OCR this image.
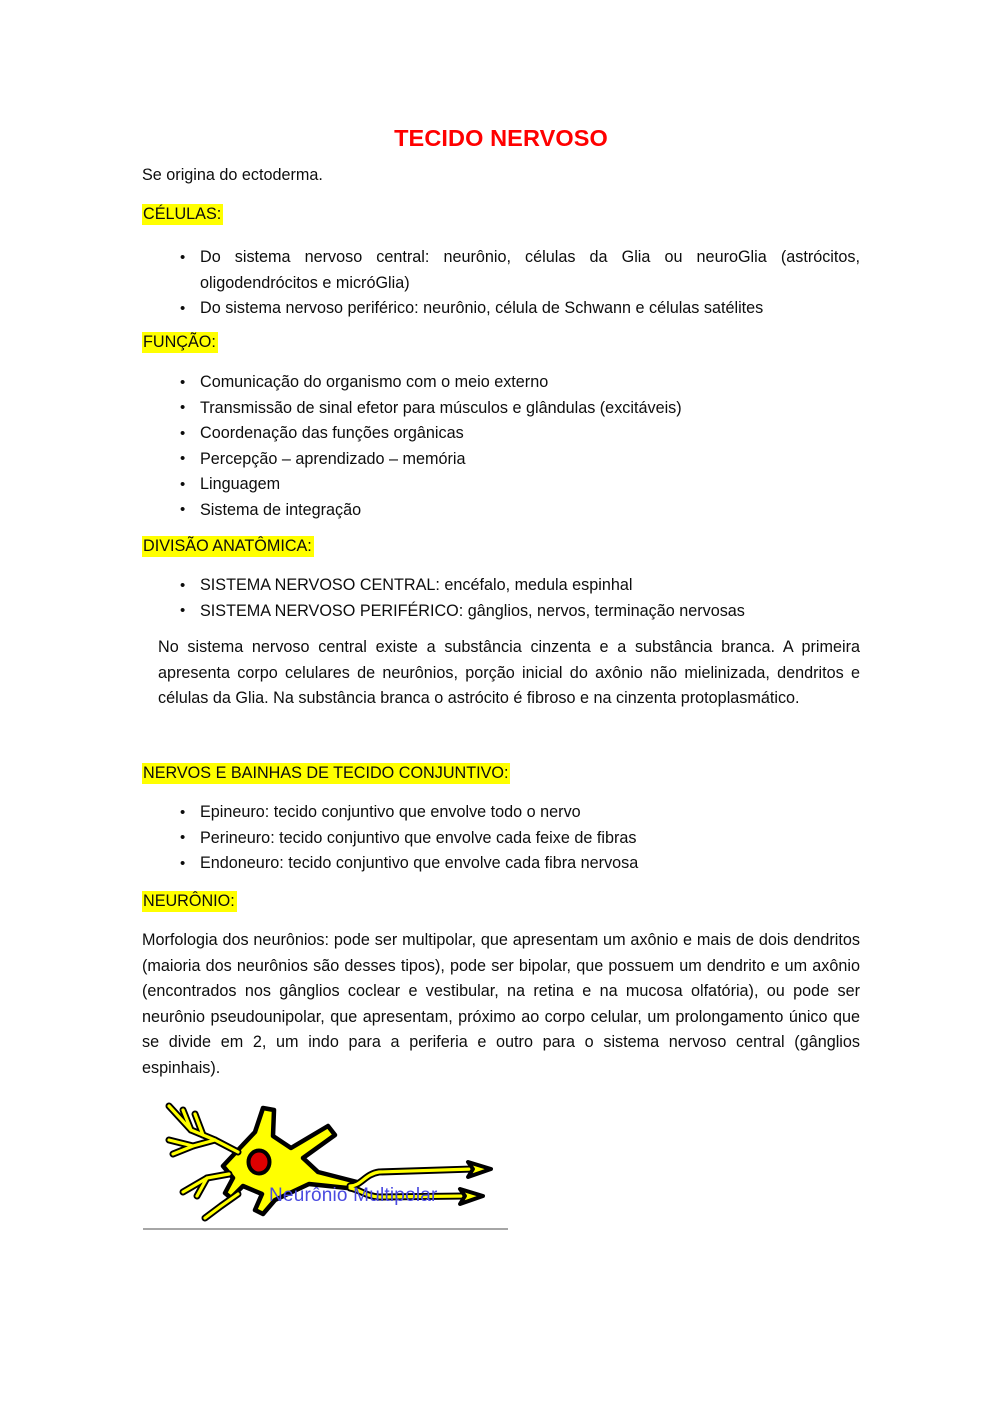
TECIDO NERVOSO

Se origina do ectoderma.

CÉLULAS:

• Do sistema nervoso central: neurônio, células da Glia ou neuroGlia (astrócitos, oligodendrócitos e micróGlia)
• Do sistema nervoso periférico: neurônio, célula de Schwann e células satélites

FUNÇÃO:

• Comunicação do organismo com o meio externo
• Transmissão de sinal efetor para músculos e glândulas (excitáveis)
• Coordenação das funções orgânicas
• Percepção – aprendizado – memória
• Linguagem
• Sistema de integração

DIVISÃO ANATÔMICA:

• SISTEMA NERVOSO CENTRAL: encéfalo, medula espinhal
• SISTEMA NERVOSO PERIFÉRICO: gânglios, nervos, terminação nervosas

No sistema nervoso central existe a substância cinzenta e a substância branca. A primeira apresenta corpo celulares de neurônios, porção inicial do axônio não mielinizada, dendritos e células da Glia. Na substância branca o astrócito é fibroso e na cinzenta protoplasmático.

NERVOS E BAINHAS DE TECIDO CONJUNTIVO:

• Epineuro: tecido conjuntivo que envolve todo o nervo
• Perineuro: tecido conjuntivo que envolve cada feixe de fibras
• Endoneuro: tecido conjuntivo que envolve cada fibra nervosa

NEURÔNIO:

Morfologia dos neurônios: pode ser multipolar, que apresentam um axônio e mais de dois dendritos (maioria dos neurônios são desses tipos), pode ser bipolar, que possuem um dendrito e um axônio (encontrados nos gânglios coclear e vestibular, na retina e na mucosa olfatória), ou pode ser neurônio pseudounipolar, que apresentam, próximo ao corpo celular, um prolongamento único que se divide em 2, um indo para a periferia e outro para o sistema nervoso central (gânglios espinhais).

Neurônio Multipolar
